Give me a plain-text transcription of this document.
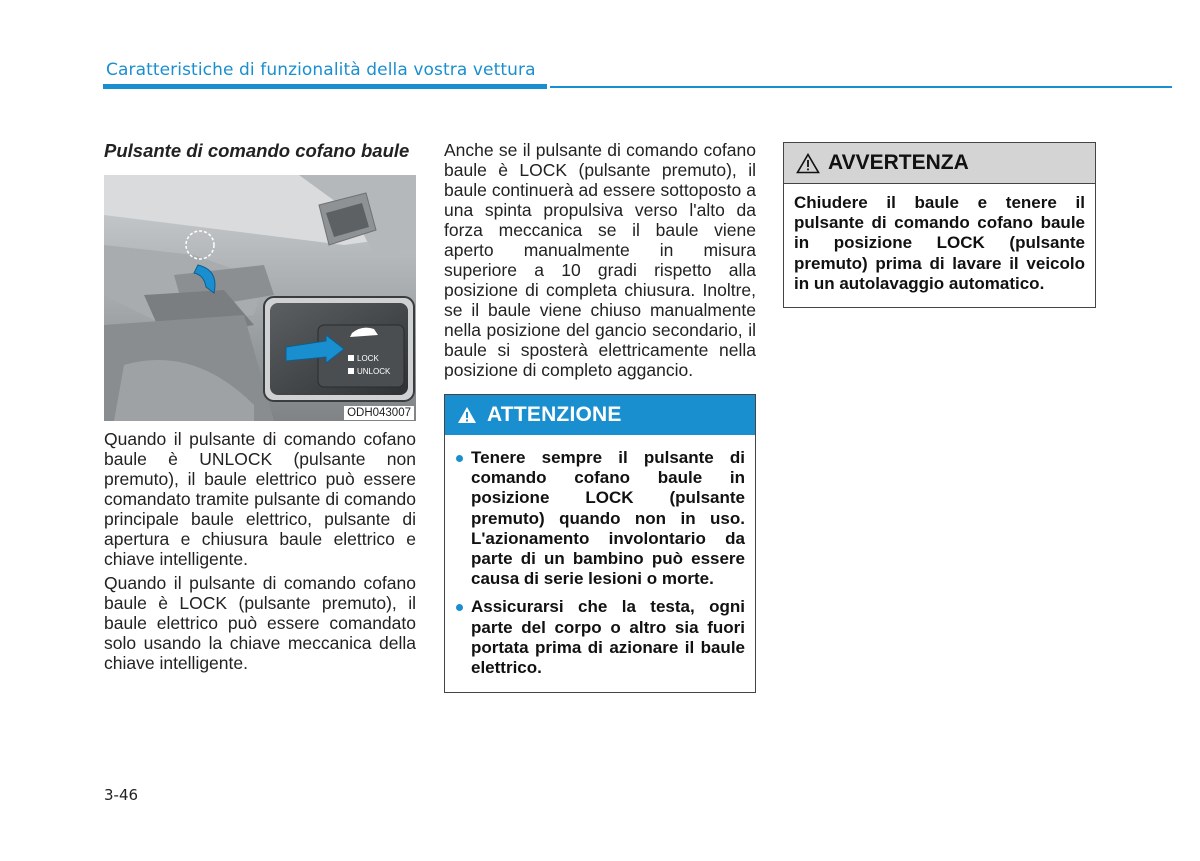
Caratteristiche di funzionalità della vostra vettura
Pulsante di comando cofano baule
LOCK
UNLOCK
ODH043007

Quando il pulsante di comando cofano baule è UNLOCK (pulsante non premuto), il baule elettrico può essere comandato tramite pulsante di comando principale baule elettrico, pulsante di apertura e chiusura baule elettrico e chiave intelligente.

Quando il pulsante di comando cofano baule è LOCK (pulsante premuto), il baule elettrico può essere comandato solo usando la chiave meccanica della chiave intelligente.

Anche se il pulsante di comando cofano baule è LOCK (pulsante premuto), il baule continuerà ad essere sottoposto a una spinta propulsiva verso l'alto da forza meccanica se il baule viene aperto manualmente in misura superiore a 10 gradi rispetto alla posizione di completa chiusura. Inoltre, se il baule viene chiuso manualmente nella posizione del gancio secondario, il baule si sposterà elettricamente nella posizione di completo aggancio.

ATTENZIONE
Tenere sempre il pulsante di comando cofano baule in posizione LOCK (pulsante premuto) quando non in uso. L'azionamento involontario da parte di un bambino può essere causa di serie lesioni o morte.
Assicurarsi che la testa, ogni parte del corpo o altro sia fuori portata prima di azionare il baule elettrico.
AVVERTENZA
Chiudere il baule e tenere il pulsante di comando cofano baule in posizione LOCK (pulsante premuto) prima di lavare il veicolo in un autolavaggio automatico.
3-46
